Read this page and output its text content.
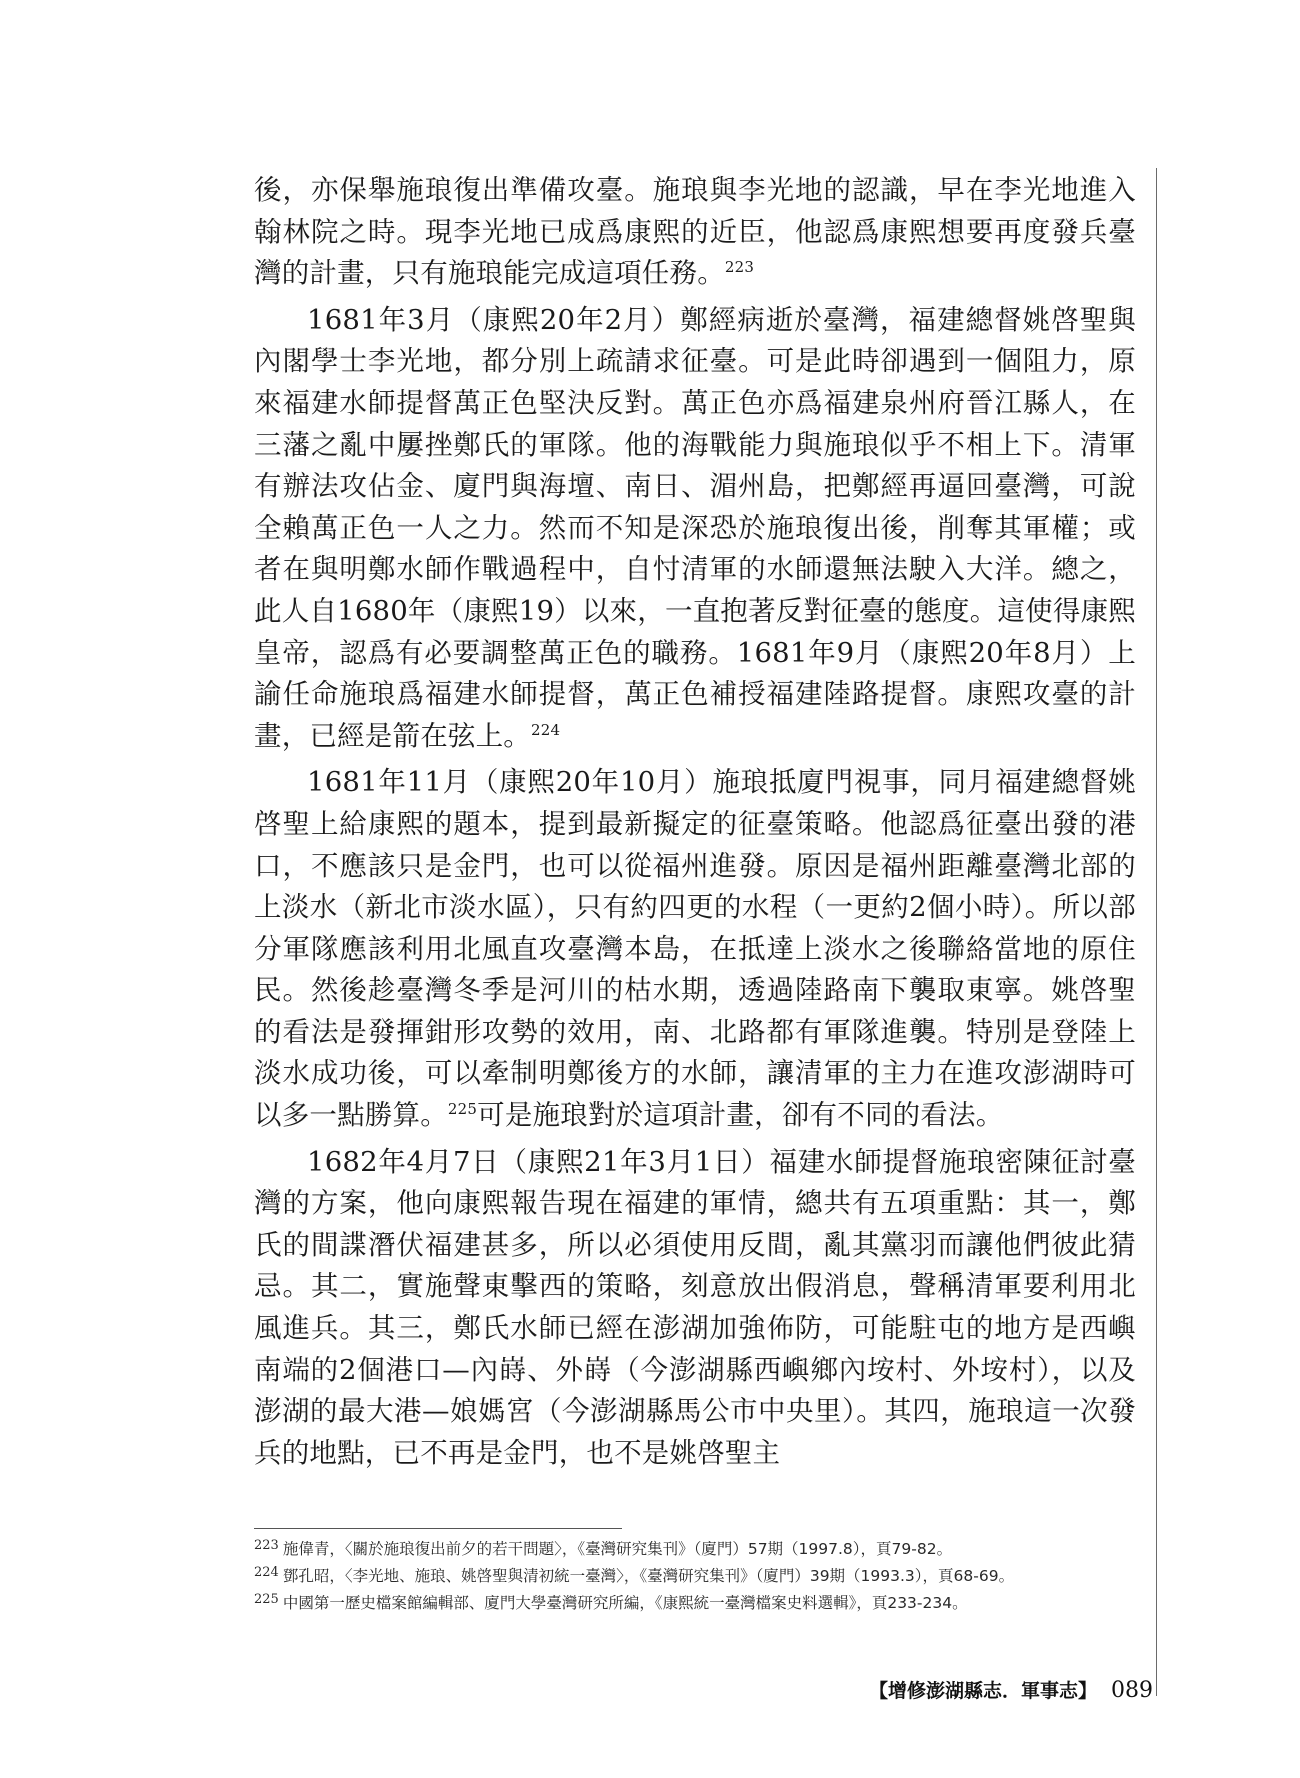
後，亦保舉施琅復出準備攻臺。施琅與李光地的認識，早在李光地進入翰林院之時。現李光地已成爲康熙的近臣，他認爲康熙想要再度發兵臺灣的計畫，只有施琅能完成這項任務。$^{223}$

1681年3月（康熙20年2月）鄭經病逝於臺灣，福建總督姚啓聖與內閣學士李光地，都分別上疏請求征臺。可是此時卻遇到一個阻力，原來福建水師提督萬正色堅決反對。萬正色亦爲福建泉州府晉江縣人，在三藩之亂中屢挫鄭氏的軍隊。他的海戰能力與施琅似乎不相上下。清軍有辦法攻佔金、廈門與海壇、南日、湄州島，把鄭經再逼回臺灣，可說全賴萬正色一人之力。然而不知是深恐於施琅復出後，削奪其軍權；或者在與明鄭水師作戰過程中，自忖清軍的水師還無法駛入大洋。總之，此人自1680年（康熙19）以來，一直抱著反對征臺的態度。這使得康熙皇帝，認爲有必要調整萬正色的職務。1681年9月（康熙20年8月）上諭任命施琅爲福建水師提督，萬正色補授福建陸路提督。康熙攻臺的計畫，已經是箭在弦上。$^{224}$

1681年11月（康熙20年10月）施琅抵廈門視事，同月福建總督姚啓聖上給康熙的題本，提到最新擬定的征臺策略。他認爲征臺出發的港口，不應該只是金門，也可以從福州進發。原因是福州距離臺灣北部的上淡水（新北市淡水區），只有約四更的水程（一更約2個小時）。所以部分軍隊應該利用北風直攻臺灣本島，在抵達上淡水之後聯絡當地的原住民。然後趁臺灣冬季是河川的枯水期，透過陸路南下襲取東寧。姚啓聖的看法是發揮鉗形攻勢的效用，南、北路都有軍隊進襲。特別是登陸上淡水成功後，可以牽制明鄭後方的水師，讓清軍的主力在進攻澎湖時可以多一點勝算。$^{225}$可是施琅對於這項計畫，卻有不同的看法。

1682年4月7日（康熙21年3月1日）福建水師提督施琅密陳征討臺灣的方案，他向康熙報告現在福建的軍情，總共有五項重點：其一，鄭氏的間諜潛伏福建甚多，所以必須使用反間，亂其黨羽而讓他們彼此猜忌。其二，實施聲東擊西的策略，刻意放出假消息，聲稱清軍要利用北風進兵。其三，鄭氏水師已經在澎湖加強佈防，可能駐屯的地方是西嶼南端的2個港口—內嵵、外嵵（今澎湖縣西嶼鄉內垵村、外垵村），以及澎湖的最大港—娘媽宮（今澎湖縣馬公市中央里）。其四，施琅這一次發兵的地點，已不再是金門，也不是姚啓聖主

$^{223}$ 施偉青，〈關於施琅復出前夕的若干問題〉，《臺灣研究集刊》（廈門）57期（1997.8），頁79-82。
$^{224}$ 鄧孔昭，〈李光地、施琅、姚啓聖與清初統一臺灣〉，《臺灣研究集刊》（廈門）39期（1993.3），頁68-69。
$^{225}$ 中國第一歷史檔案館編輯部、廈門大學臺灣研究所編，《康熙統一臺灣檔案史料選輯》，頁233-234。
【增修澎湖縣志．軍事志】 089
